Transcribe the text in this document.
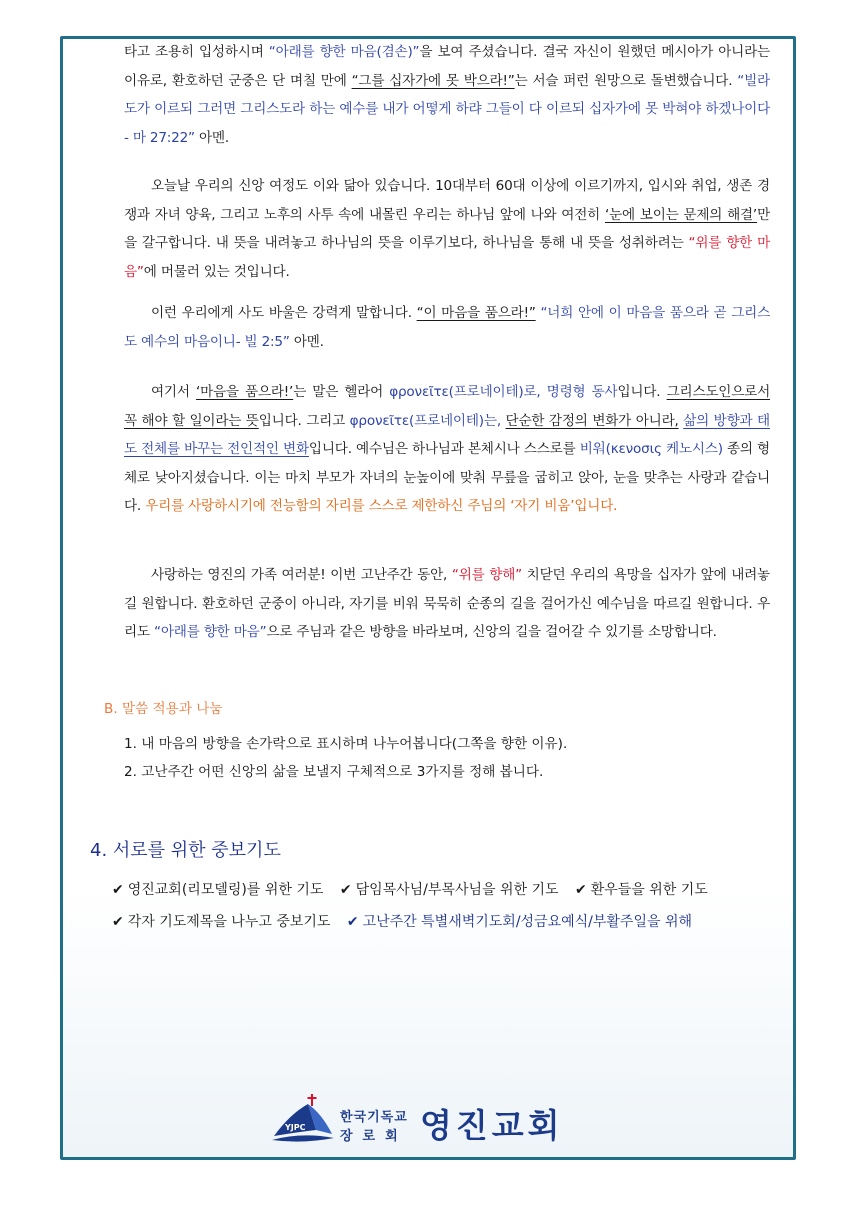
타고 조용히 입성하시며 “아래를 향한 마음(겸손)”을 보여 주셨습니다. 결국 자신이 원했던 메시아가 아니라는 이유로, 환호하던 군중은 단 며칠 만에 “그를 십자가에 못 박으라!”는 서슬 퍼런 원망으로 돌변했습니다. “빌라도가 이르되 그러면 그리스도라 하는 예수를 내가 어떻게 하랴 그들이 다 이르되 십자가에 못 박혀야 하겠나이다 - 마 27:22” 아멘.

오늘날 우리의 신앙 여정도 이와 닮아 있습니다. 10대부터 60대 이상에 이르기까지, 입시와 취업, 생존 경쟁과 자녀 양육, 그리고 노후의 사투 속에 내몰린 우리는 하나님 앞에 나와 여전히 ‘눈에 보이는 문제의 해결’만을 갈구합니다. 내 뜻을 내려놓고 하나님의 뜻을 이루기보다, 하나님을 통해 내 뜻을 성취하려는 “위를 향한 마음”에 머물러 있는 것입니다.

이런 우리에게 사도 바울은 강력게 말합니다. “이 마음을 품으라!” “너희 안에 이 마음을 품으라 곧 그리스도 예수의 마음이니- 빌 2:5” 아멘.

여기서 ‘마음을 품으라!’는 말은 헬라어 φρονεῖτε(프로네이테)로, 명령형 동사입니다. 그리스도인으로서 꼭 해야 할 일이라는 뜻입니다. 그리고 φρονεῖτε(프로네이테)는, 단순한 감정의 변화가 아니라, 삶의 방향과 태도 전체를 바꾸는 전인적인 변화입니다. 예수님은 하나님과 본체시나 스스로를 비워(κενοσις 케노시스) 종의 형체로 낮아지셨습니다. 이는 마치 부모가 자녀의 눈높이에 맞춰 무릎을 굽히고 앉아, 눈을 맞추는 사랑과 같습니다. 우리를 사랑하시기에 전능함의 자리를 스스로 제한하신 주님의 ‘자기 비움’입니다.

사랑하는 영진의 가족 여러분! 이번 고난주간 동안, “위를 향해” 치닫던 우리의 욕망을 십자가 앞에 내려놓길 원합니다. 환호하던 군중이 아니라, 자기를 비워 묵묵히 순종의 길을 걸어가신 예수님을 따르길 원합니다. 우리도 “아래를 향한 마음”으로 주님과 같은 방향을 바라보며, 신앙의 길을 걸어갈 수 있기를 소망합니다.

B. 말씀 적용과 나눔

1. 내 마음의 방향을 손가락으로 표시하며 나누어봅니다(그쪽을 향한 이유).
2. 고난주간 어떤 신앙의 삶을 보낼지 구체적으로 3가지를 정해 봅니다.
4. 서로를 위한 중보기도

✔ 영진교회(리모델링)를 위한 기도 ✔ 담임목사님/부목사님을 위한 기도 ✔ 환우들을 위한 기도

✔ 각자 기도제목을 나누고 중보기도 ✔ 고난주간 특별새벽기도회/성금요예식/부활주일을 위해

YJPC
한국기독교
장로회 영진교회
